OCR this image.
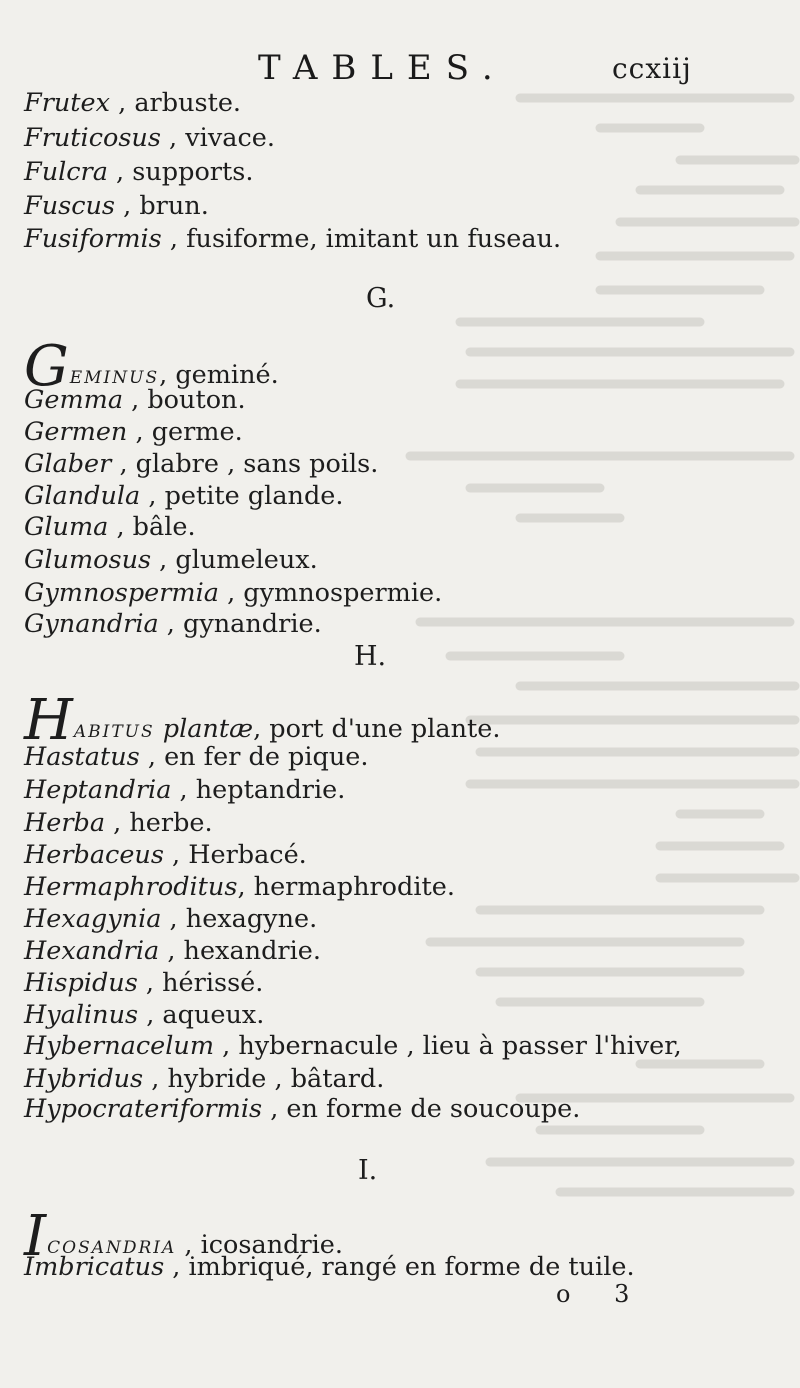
TABLES.	ccxiij
Frutex , arbuste.
Fruticosus , vivace.
Fulcra , supports.
Fuscus , brun.
Fusiformis , fusiforme, imitant un fuseau.
G.
GEMINUS, geminé.
Gemma , bouton.
Germen , germe.
Glaber , glabre , sans poils.
Glandula , petite glande.
Gluma , bâle.
Glumosus , glumeleux.
Gymnospermia , gymnospermie.
Gynandria , gynandrie.
H.
HABITUS plantæ, port d'une plante.
Hastatus , en fer de pique.
Heptandria , heptandrie.
Herba , herbe.
Herbaceus , Herbacé.
Hermaphroditus, hermaphrodite.
Hexagynia , hexagyne.
Hexandria , hexandrie.
Hispidus , hérissé.
Hyalinus , aqueux.
Hybernacelum , hybernacule , lieu à passer l'hiver,
Hybridus , hybride , bâtard.
Hypocrateriformis , en forme de soucoupe.
I.
ICOSANDRIA , icosandrie.
Imbricatus , imbriqué, rangé en forme de tuile.
o 3
